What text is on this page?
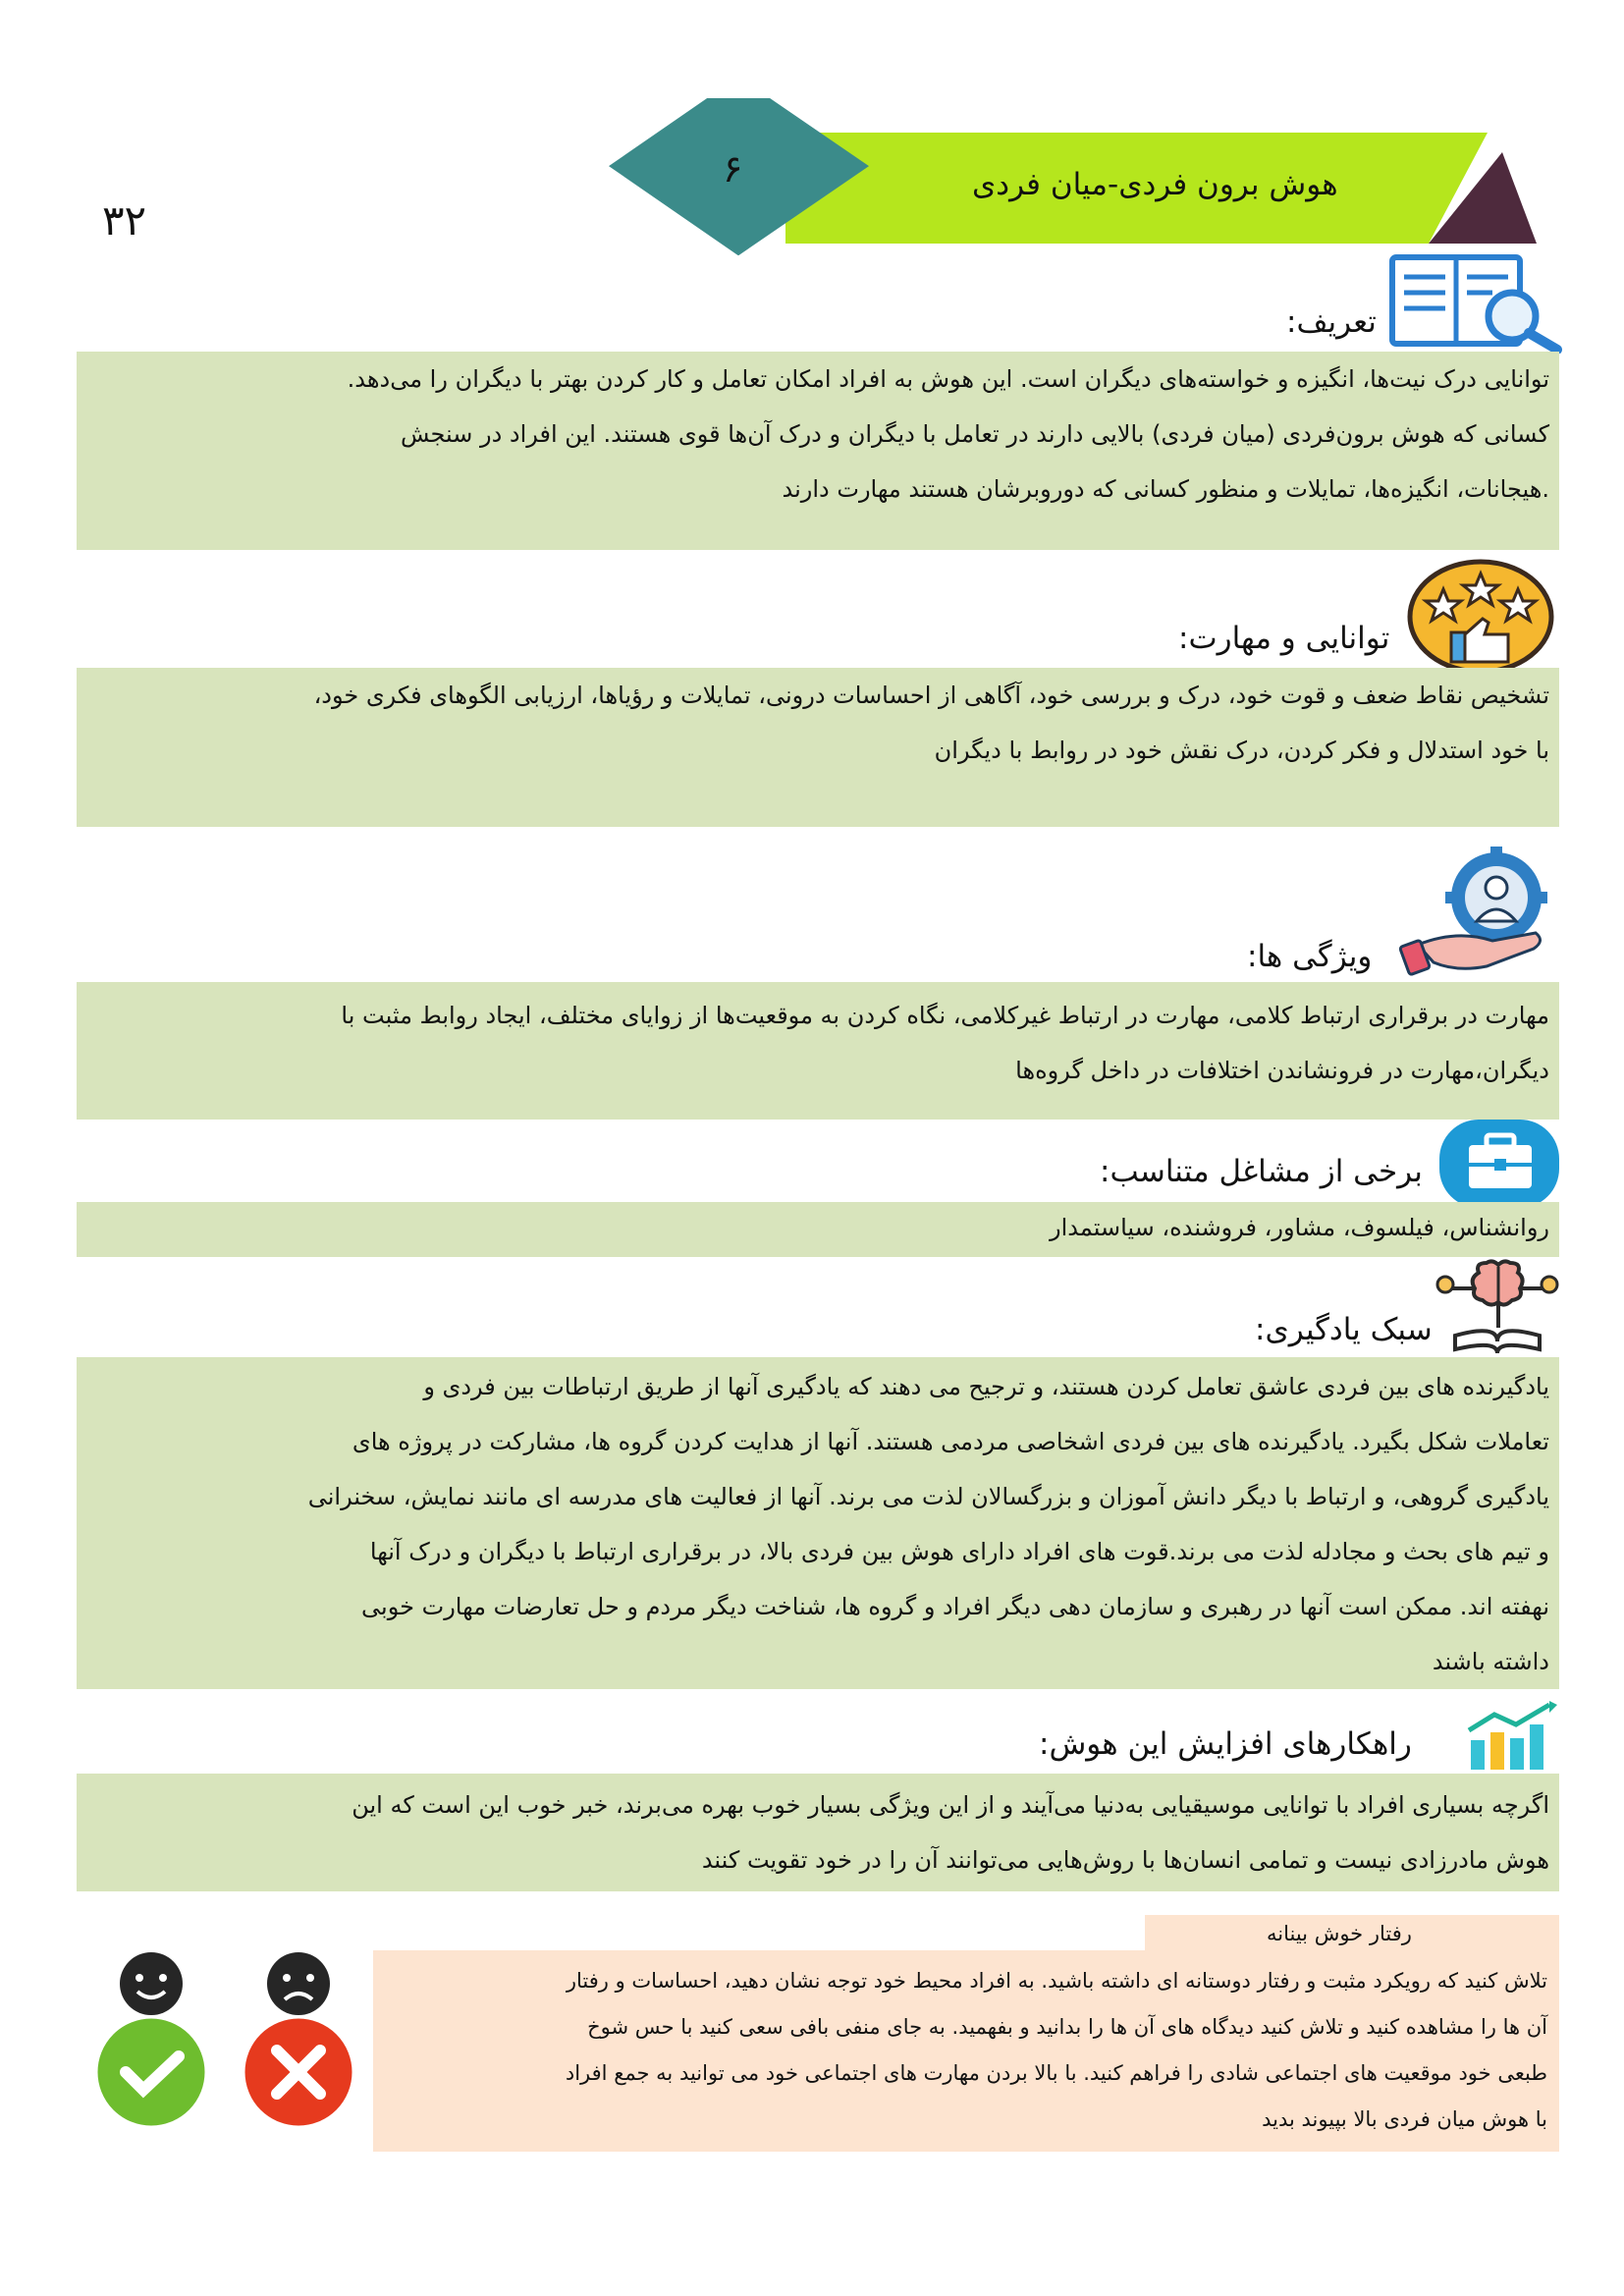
۳۲
۶	هوش برون فردی-میان فردی
تعریف:

توانایی درک نیت‌ها، انگیزه و خواسته‌های دیگران است. این هوش به افراد امکان تعامل و کار کردن بهتر با دیگران را می‌دهد.

کسانی که هوش برون‌فردی (میان فردی) بالایی دارند در تعامل با دیگران و درک آن‌ها قوی هستند. این افراد در سنجش

.هیجانات، انگیزه‌ها، تمایلات و منظور کسانی که دوروبرشان هستند مهارت دارند

توانایی و مهارت:

تشخیص نقاط ضعف و قوت خود، درک و بررسی خود، آگاهی از احساسات درونی، تمایلات و رؤیاها، ارزیابی الگوهای فکری خود،

با خود استدلال و فکر کردن، درک نقش خود در روابط با دیگران

ویژگی ها:

مهارت در برقراری ارتباط کلامی، مهارت در ارتباط غیرکلامی، نگاه کردن به موقعیت‌ها از زوایای مختلف، ایجاد روابط مثبت با

دیگران،مهارت در فرونشاندن اختلافات در داخل گروه‌ها

برخی از مشاغل متناسب:

روانشناس، فیلسوف، مشاور، فروشنده، سیاستمدار

سبک یادگیری:

یادگیرنده های بین فردی عاشق تعامل کردن هستند، و ترجیح می دهند که یادگیری آنها از طریق ارتباطات بین فردی و

تعاملات شکل بگیرد. یادگیرنده های بین فردی اشخاصی مردمی هستند. آنها از هدایت کردن گروه ها، مشارکت در پروژه های

یادگیری گروهی، و ارتباط با دیگر دانش آموزان و بزرگسالان لذت می برند. آنها از فعالیت های مدرسه ای مانند نمایش، سخنرانی

و تیم های بحث و مجادله لذت می برند.قوت های افراد دارای هوش بین فردی بالا، در برقراری ارتباط با دیگران و درک آنها

نهفته اند. ممکن است آنها در رهبری و سازمان دهی دیگر افراد و گروه ها، شناخت دیگر مردم و حل تعارضات مهارت خوبی

داشته باشند

راهکارهای افزایش این هوش:

اگرچه بسیاری افراد با توانایی موسیقیایی به‌دنیا می‌آیند و از این ویژگی بسیار خوب بهره می‌برند، خبر خوب این است که این

هوش مادرزادی نیست و تمامی انسان‌ها با روش‌هایی می‌توانند آن را در خود تقویت کنند

رفتار خوش بینانه

تلاش کنید که رویکرد مثبت و رفتار دوستانه ای داشته باشید. به افراد محیط خود توجه نشان دهید، احساسات و رفتار

آن ها را مشاهده کنید و تلاش کنید دیدگاه های آن ها را بدانید و بفهمید. به جای منفی بافی سعی کنید با حس شوخ

طبعی خود موقعیت های اجتماعی شادی را فراهم کنید. با بالا بردن مهارت های اجتماعی خود می توانید به جمع افراد

با هوش میان فردی بالا بپیوند بدید
